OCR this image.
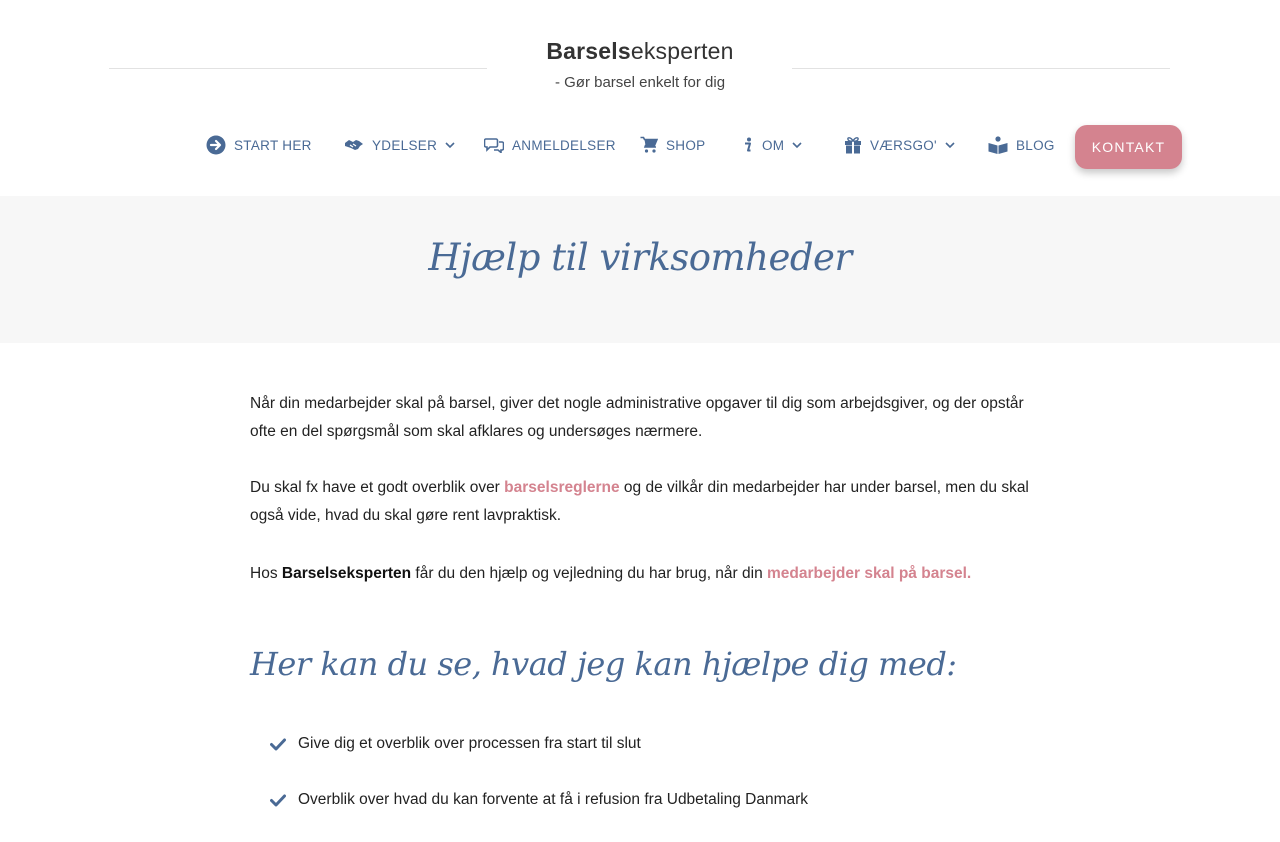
Barselseksperten
- Gør barsel enkelt for dig
START HER	YDELSER	ANMELDELSER	SHOP	OM	VÆRSGO'	BLOG	KONTAKT
Hjælp til virksomheder

Når din medarbejder skal på barsel, giver det nogle administrative opgaver til dig som arbejdsgiver, og der opstår ofte en del spørgsmål som skal afklares og undersøges nærmere.

Du skal fx have et godt overblik over barselsreglerne og de vilkår din medarbejder har under barsel, men du skal også vide, hvad du skal gøre rent lavpraktisk.

Hos Barselseksperten får du den hjælp og vejledning du har brug, når din medarbejder skal på barsel.

Her kan du se, hvad jeg kan hjælpe dig med:
Give dig et overblik over processen fra start til slut
Overblik over hvad du kan forvente at få i refusion fra Udbetaling Danmark
